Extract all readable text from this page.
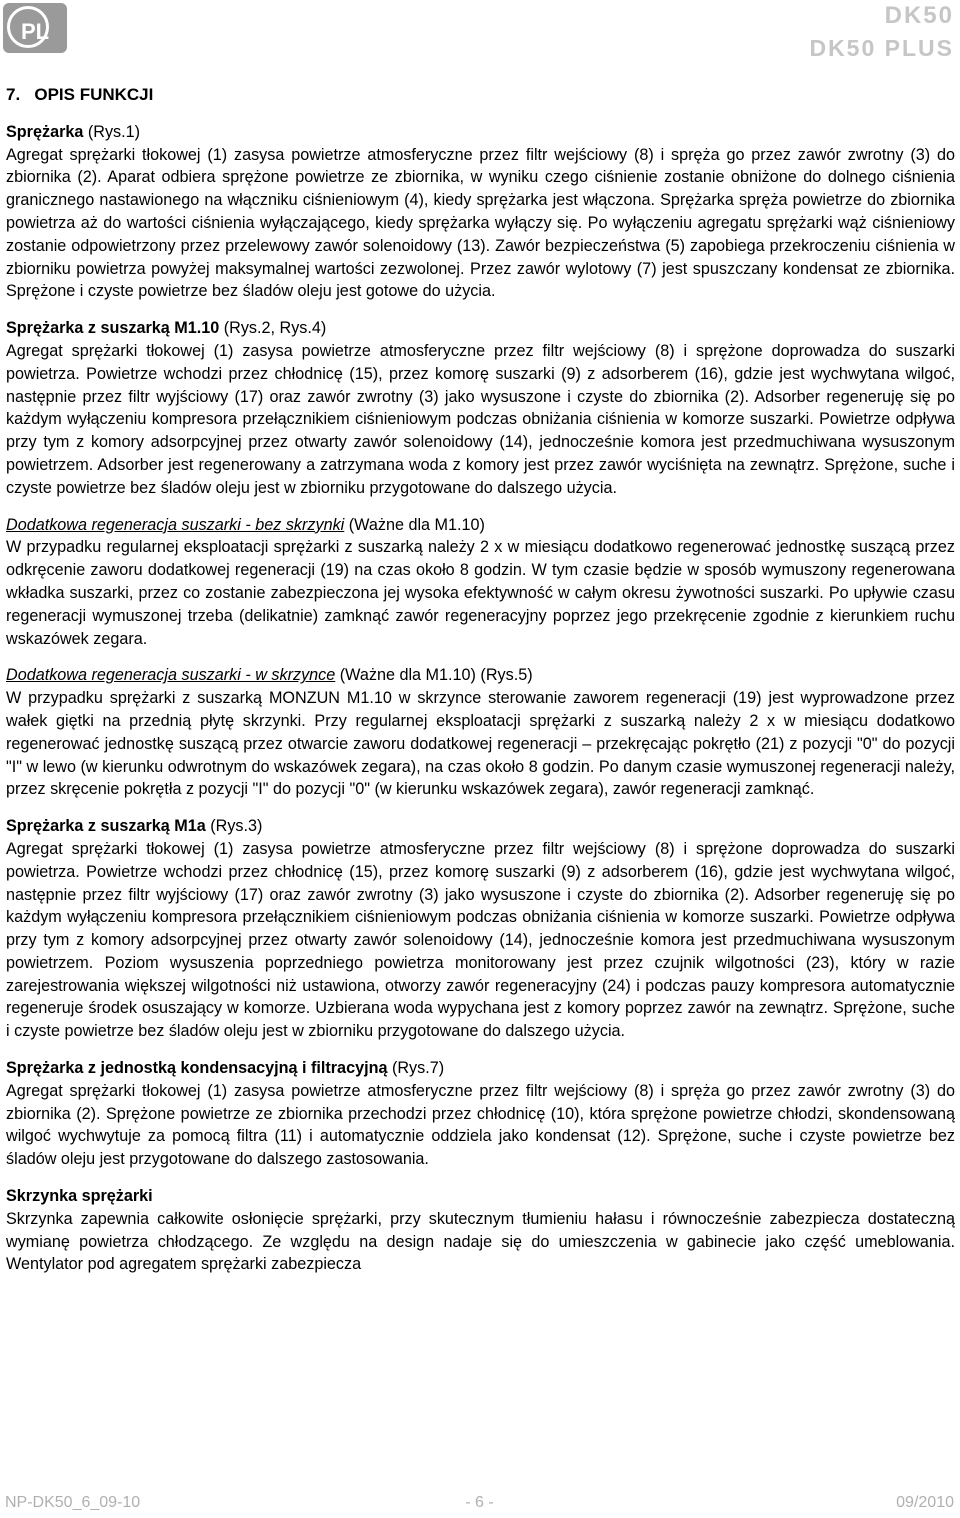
PL
DK50
DK50 PLUS

7.   OPIS FUNKCJI

Sprężarka (Rys.1)

Agregat sprężarki tłokowej (1) zasysa powietrze atmosferyczne przez filtr wejściowy (8) i spręża go przez zawór zwrotny (3) do zbiornika (2). Aparat odbiera sprężone powietrze ze zbiornika, w wyniku czego ciśnienie zostanie obniżone do dolnego ciśnienia granicznego nastawionego na włączniku ciśnieniowym (4), kiedy sprężarka jest włączona. Sprężarka spręża powietrze do zbiornika powietrza aż do wartości ciśnienia wyłączającego, kiedy sprężarka wyłączy się. Po wyłączeniu agregatu sprężarki wąż ciśnieniowy zostanie odpowietrzony przez przelewowy zawór solenoidowy (13). Zawór bezpieczeństwa (5) zapobiega przekroczeniu ciśnienia w zbiorniku powietrza powyżej maksymalnej wartości zezwolonej. Przez zawór wylotowy (7) jest spuszczany kondensat ze zbiornika. Sprężone i czyste powietrze bez śladów oleju jest gotowe do użycia.

Sprężarka z suszarką M1.10 (Rys.2, Rys.4)

Agregat sprężarki tłokowej (1) zasysa powietrze atmosferyczne przez filtr wejściowy (8) i sprężone doprowadza do suszarki powietrza. Powietrze wchodzi przez chłodnicę (15), przez komorę suszarki (9) z adsorberem (16), gdzie jest wychwytana wilgoć, następnie przez filtr wyjściowy (17) oraz zawór zwrotny (3) jako wysuszone i czyste do zbiornika (2). Adsorber regeneruję się po każdym wyłączeniu kompresora przełącznikiem ciśnieniowym podczas obniżania ciśnienia w komorze suszarki. Powietrze odpływa przy tym z komory adsorpcyjnej przez otwarty zawór solenoidowy (14), jednocześnie komora jest przedmuchiwana wysuszonym powietrzem. Adsorber jest regenerowany a zatrzymana woda z komory jest przez zawór wyciśnięta na zewnątrz. Sprężone, suche i czyste powietrze bez śladów oleju jest w zbiorniku przygotowane do dalszego użycia.

Dodatkowa regeneracja suszarki - bez skrzynki (Ważne dla M1.10)

W przypadku regularnej eksploatacji sprężarki z suszarką należy 2 x w miesiącu dodatkowo regenerować jednostkę suszącą przez odkręcenie zaworu dodatkowej regeneracji (19) na czas około 8 godzin. W tym czasie będzie w sposób wymuszony regenerowana wkładka suszarki, przez co zostanie zabezpieczona jej wysoka efektywność w całym okresu żywotności suszarki. Po upływie czasu regeneracji wymuszonej trzeba (delikatnie) zamknąć zawór regeneracyjny poprzez jego przekręcenie zgodnie z kierunkiem ruchu wskazówek zegara.

Dodatkowa regeneracja suszarki - w skrzynce (Ważne dla M1.10) (Rys.5)

W przypadku sprężarki z suszarką MONZUN M1.10 w skrzynce sterowanie zaworem regeneracji (19) jest wyprowadzone przez wałek giętki na przednią płytę skrzynki. Przy regularnej eksploatacji sprężarki z suszarką należy 2 x w miesiącu dodatkowo regenerować jednostkę suszącą przez otwarcie zaworu dodatkowej regeneracji – przekręcając pokrętło (21) z pozycji "0" do pozycji "I" w lewo (w kierunku odwrotnym do wskazówek zegara), na czas około 8 godzin. Po danym czasie wymuszonej regeneracji należy, przez skręcenie pokrętła z pozycji "I" do pozycji "0" (w kierunku wskazówek zegara), zawór regeneracji zamknąć.

Sprężarka z suszarką M1a (Rys.3)

Agregat sprężarki tłokowej (1) zasysa powietrze atmosferyczne przez filtr wejściowy (8) i sprężone doprowadza do suszarki powietrza. Powietrze wchodzi przez chłodnicę (15), przez komorę suszarki (9) z adsorberem (16), gdzie jest wychwytana wilgoć, następnie przez filtr wyjściowy (17) oraz zawór zwrotny (3) jako wysuszone i czyste do zbiornika (2). Adsorber regeneruję się po każdym wyłączeniu kompresora przełącznikiem ciśnieniowym podczas obniżania ciśnienia w komorze suszarki. Powietrze odpływa przy tym z komory adsorpcyjnej przez otwarty zawór solenoidowy (14), jednocześnie komora jest przedmuchiwana wysuszonym powietrzem. Poziom wysuszenia poprzedniego powietrza monitorowany jest przez czujnik wilgotności (23), który w razie zarejestrowania większej wilgotności niż ustawiona, otworzy zawór regeneracyjny (24) i podczas pauzy kompresora automatycznie regeneruje środek osuszający w komorze. Uzbierana woda wypychana jest z komory poprzez zawór na zewnątrz. Sprężone, suche i czyste powietrze bez śladów oleju jest w zbiorniku przygotowane do dalszego użycia.

Sprężarka z jednostką kondensacyjną i filtracyjną (Rys.7)

Agregat sprężarki tłokowej (1) zasysa powietrze atmosferyczne przez filtr wejściowy (8) i spręża go przez zawór zwrotny (3) do zbiornika (2). Sprężone powietrze ze zbiornika przechodzi przez chłodnicę (10), która sprężone powietrze chłodzi, skondensowaną wilgoć wychwytuje za pomocą filtra (11) i automatycznie oddziela jako kondensat (12). Sprężone, suche i czyste powietrze bez śladów oleju jest przygotowane do dalszego zastosowania.

Skrzynka sprężarki

Skrzynka zapewnia całkowite osłonięcie sprężarki, przy skutecznym tłumieniu hałasu i równocześnie zabezpiecza dostateczną wymianę powietrza chłodzącego. Ze względu na design nadaje się do umieszczenia w gabinecie jako część umeblowania. Wentylator pod agregatem sprężarki zabezpiecza

NP-DK50_6_09-10	- 6 -	09/2010
